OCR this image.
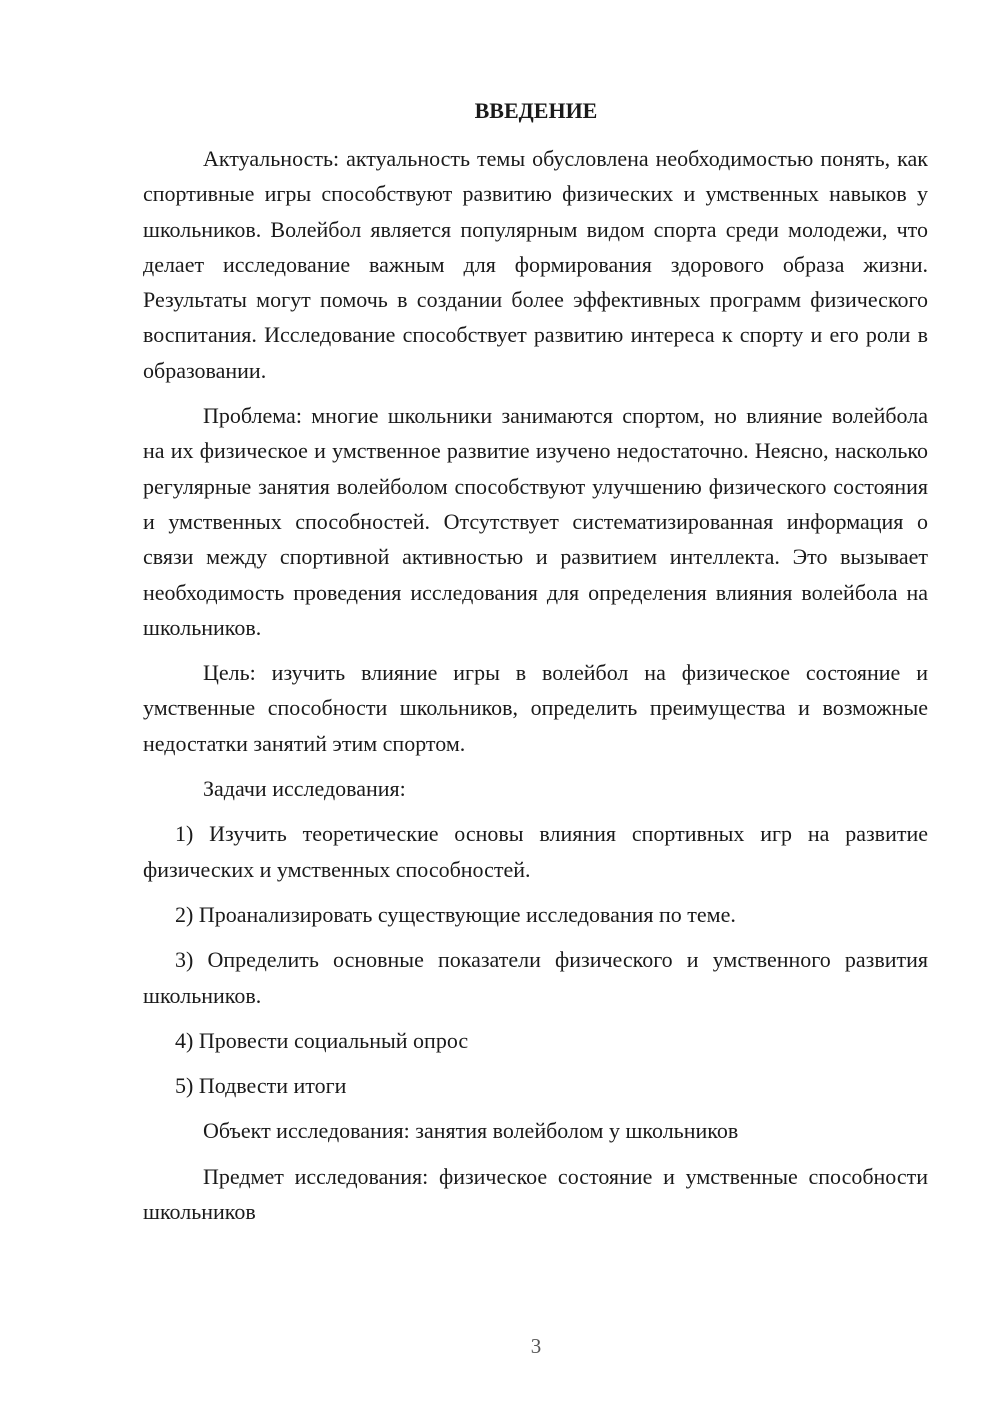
ВВЕДЕНИЕ

Актуальность: актуальность темы обусловлена необходимостью понять, как спортивные игры способствуют развитию физических и умственных навыков у школьников. Волейбол является популярным видом спорта среди молодежи, что делает исследование важным для формирования здорового образа жизни. Результаты могут помочь в создании более эффективных программ физического воспитания. Исследование способствует развитию интереса к спорту и его роли в образовании.

Проблема: многие школьники занимаются спортом, но влияние волейбола на их физическое и умственное развитие изучено недостаточно. Неясно, насколько регулярные занятия волейболом способствуют улучшению физического состояния и умственных способностей. Отсутствует систематизированная информация о связи между спортивной активностью и развитием интеллекта. Это вызывает необходимость проведения исследования для определения влияния волейбола на школьников.

Цель: изучить влияние игры в волейбол на физическое состояние и умственные способности школьников, определить преимущества и возможные недостатки занятий этим спортом.

Задачи исследования:

1) Изучить теоретические основы влияния спортивных игр на развитие физических и умственных способностей.

2) Проанализировать существующие исследования по теме.

3) Определить основные показатели физического и умственного развития школьников.

4) Провести социальный опрос

5) Подвести итоги

Объект исследования: занятия волейболом у школьников

Предмет исследования: физическое состояние и умственные способности школьников

3
